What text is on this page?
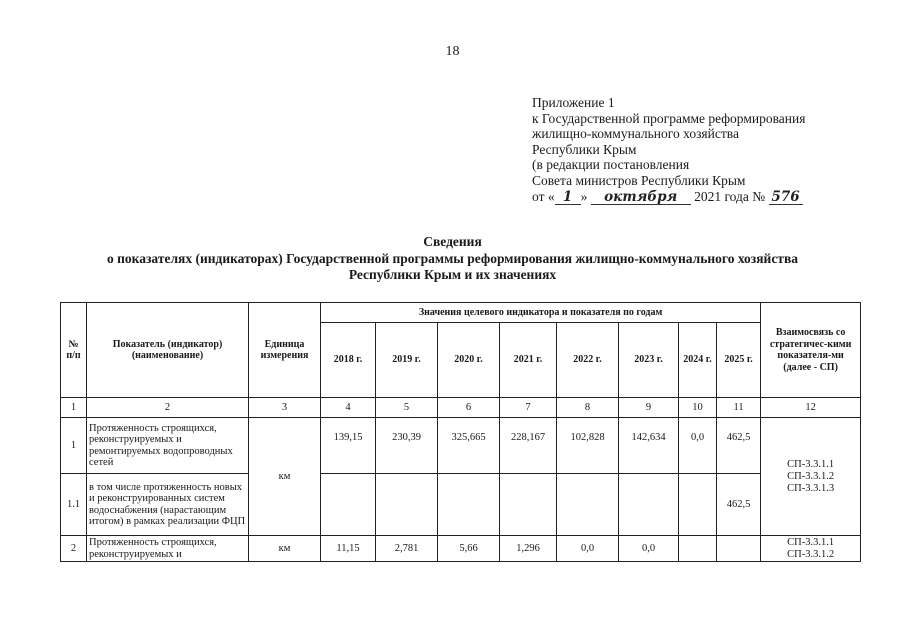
18
Приложение 1
к Государственной программе реформирования
жилищно-коммунального хозяйства
Республики Крым
(в редакции постановления
Совета министров Республики Крым
от « 1 » октября 2021 года № 576
Сведения
о показателях (индикаторах) Государственной программы реформирования жилищно-коммунального хозяйства
Республики Крым и их значениях
№ п/п	Показатель (индикатор) (наименование)	Единица измерения	Значения целевого индикатора и показателя по годам								Взаимосвязь со стратегичес-кими показателя-ми (далее - СП)
			2018 г.	2019 г.	2020 г.	2021 г.	2022 г.	2023 г.	2024 г.	2025 г.	
1	2	3	4	5	6	7	8	9	10	11	12
1	Протяженность строящихся, реконструируемых и ремонтируемых водопроводных сетей	км	139,15	230,39	325,665	228,167	102,828	142,634	0,0	462,5	СП-3.3.1.1 СП-3.3.1.2 СП-3.3.1.3

1.1	в том числе протяженность новых и реконструированных систем водоснабжения (нарастающим итогом) в рамках реализации ФЦП									462,5	
2	Протяженность строящихся, реконструируемых и	км	11,15	2,781	5,66	1,296	0,0	0,0			СП-3.3.1.1
СП-3.3.1.2
